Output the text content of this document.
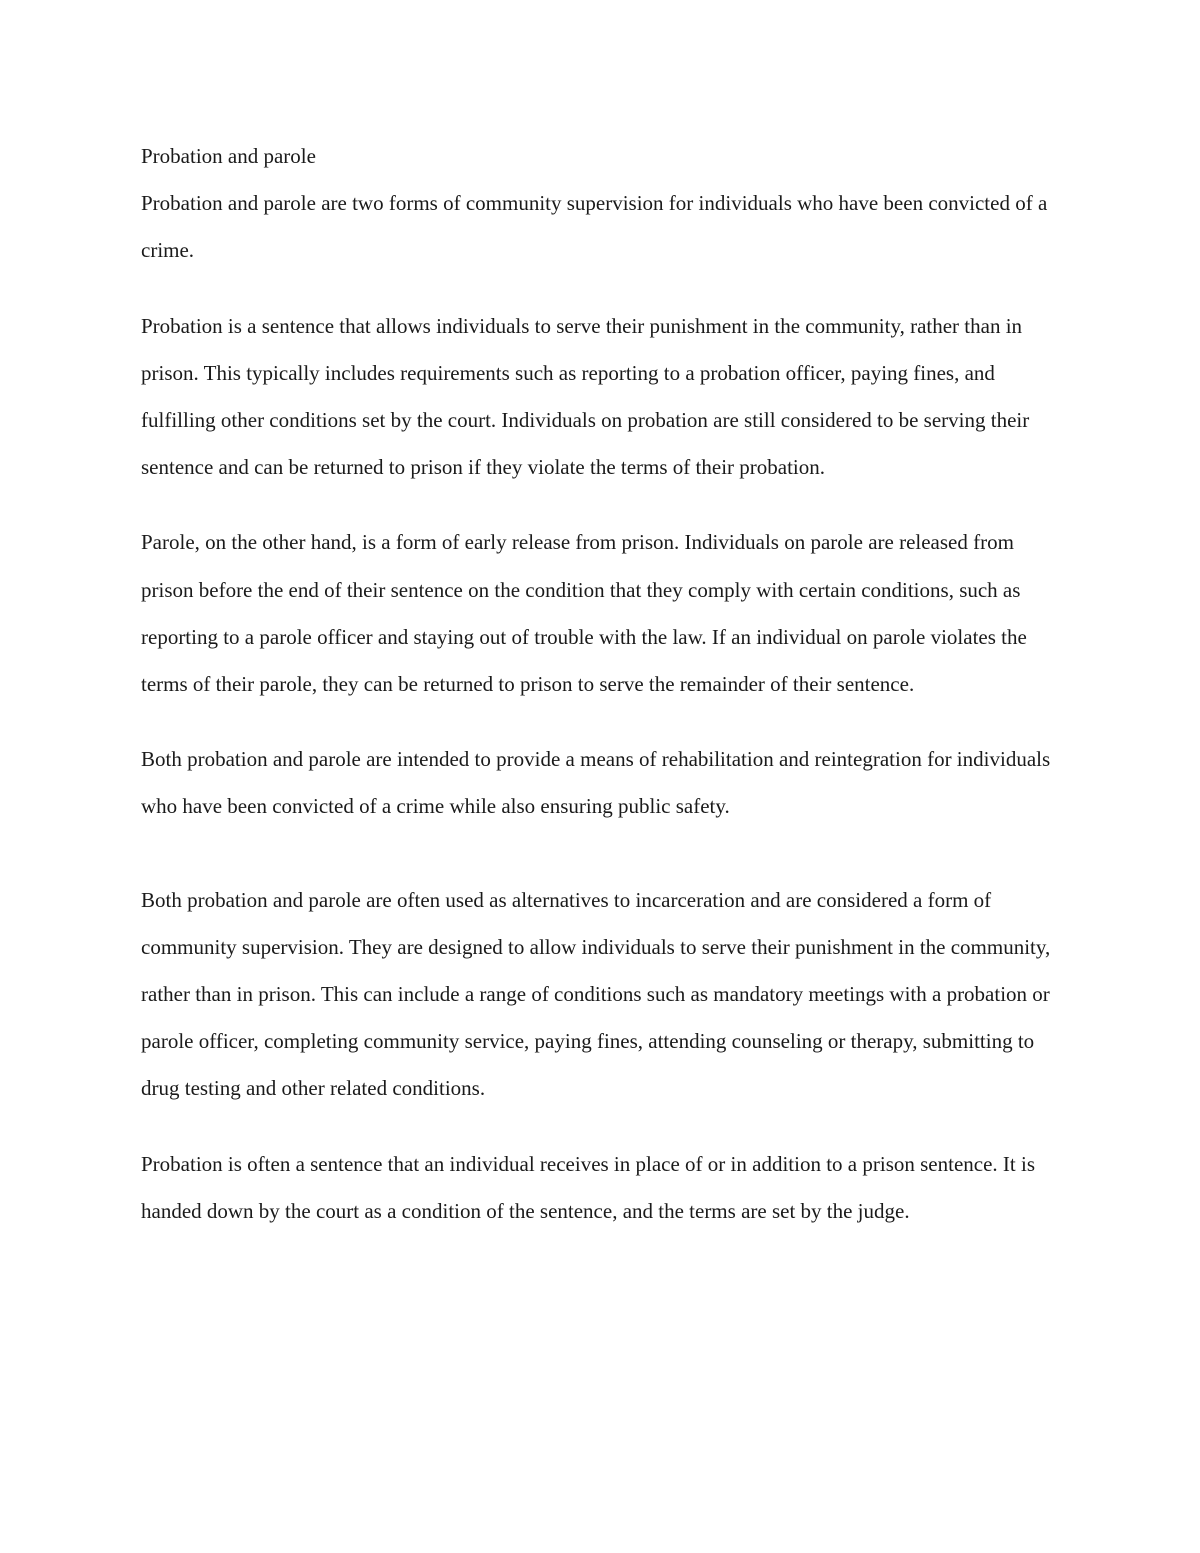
Probation and parole

Probation and parole are two forms of community supervision for individuals who have been convicted of a crime.

Probation is a sentence that allows individuals to serve their punishment in the community, rather than in prison. This typically includes requirements such as reporting to a probation officer, paying fines, and fulfilling other conditions set by the court. Individuals on probation are still considered to be serving their sentence and can be returned to prison if they violate the terms of their probation.

Parole, on the other hand, is a form of early release from prison. Individuals on parole are released from prison before the end of their sentence on the condition that they comply with certain conditions, such as reporting to a parole officer and staying out of trouble with the law. If an individual on parole violates the terms of their parole, they can be returned to prison to serve the remainder of their sentence.

Both probation and parole are intended to provide a means of rehabilitation and reintegration for individuals who have been convicted of a crime while also ensuring public safety.

Both probation and parole are often used as alternatives to incarceration and are considered a form of community supervision. They are designed to allow individuals to serve their punishment in the community, rather than in prison. This can include a range of conditions such as mandatory meetings with a probation or parole officer, completing community service, paying fines, attending counseling or therapy, submitting to drug testing and other related conditions.

Probation is often a sentence that an individual receives in place of or in addition to a prison sentence. It is handed down by the court as a condition of the sentence, and the terms are set by the judge.
